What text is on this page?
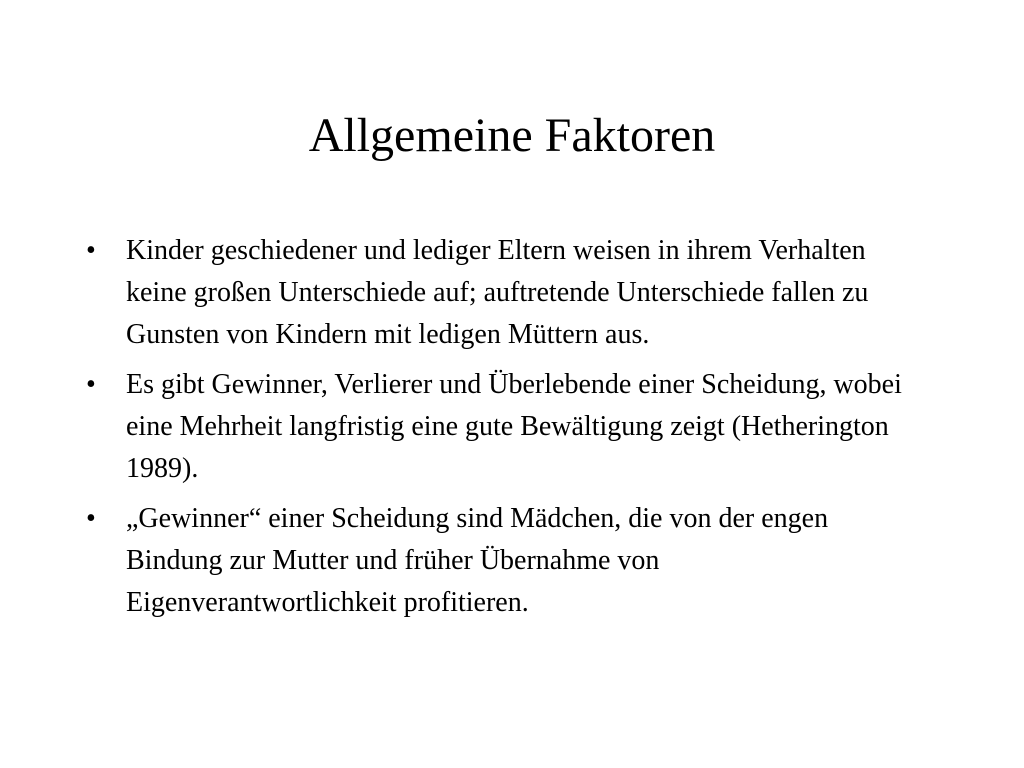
Allgemeine Faktoren
•	Kinder geschiedener und lediger Eltern weisen in ihrem Verhalten keine großen Unterschiede auf; auftretende Unterschiede fallen zu Gunsten von Kindern mit ledigen Müttern aus.
•	Es gibt Gewinner, Verlierer und Überlebende einer Scheidung, wobei eine Mehrheit langfristig eine gute Bewältigung zeigt (Hetherington 1989).
•	„Gewinner“ einer Scheidung sind Mädchen, die von der engen Bindung zur Mutter und früher Übernahme von Eigenverantwortlichkeit profitieren.
